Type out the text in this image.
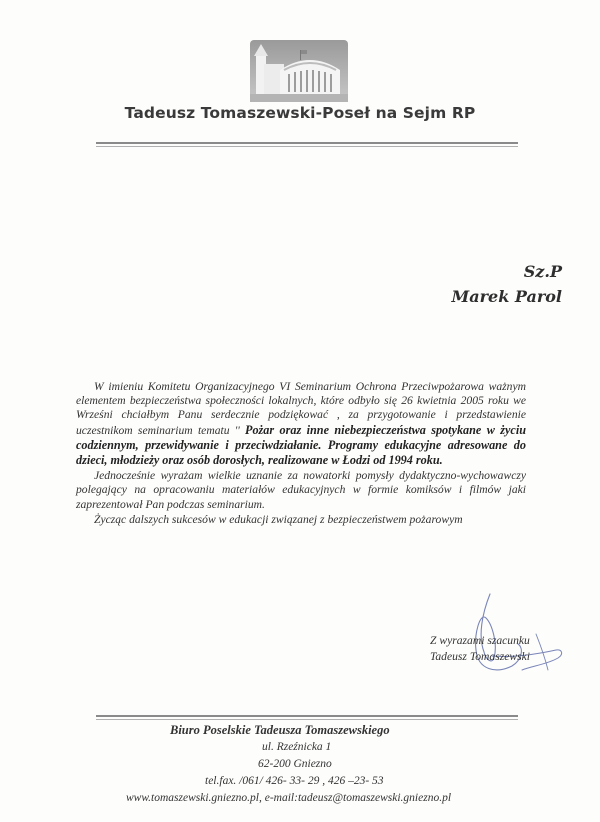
Tadeusz Tomaszewski-Poseł na Sejm RP
Sz.P
Marek Parol

W imieniu Komitetu Organizacyjnego VI Seminarium Ochrona Przeciwpożarowa ważnym elementem bezpieczeństwa społeczności lokalnych, które odbyło się 26 kwietnia 2005 roku we Wrześni chciałbym Panu serdecznie podziękować , za przygotowanie i przedstawienie uczestnikom seminarium tematu '' Pożar oraz inne niebezpieczeństwa spotykane w życiu codziennym, przewidywanie i przeciwdziałanie. Programy edukacyjne adresowane do dzieci, młodzieży oraz osób dorosłych, realizowane w Łodzi od 1994 roku.

Jednocześnie wyrażam wielkie uznanie za nowatorki pomysły dydaktyczno-wychowawczy polegający na opracowaniu materiałów edukacyjnych w formie komiksów i filmów jaki zaprezentował Pan podczas seminarium.

Życząc dalszych sukcesów w edukacji związanej z bezpieczeństwem pożarowym

Z wyrazami szacunku
Tadeusz Tomaszewski
Biuro Poselskie Tadeusza Tomaszewskiego
ul. Rzeźnicka 1
62-200 Gniezno
tel.fax. /061/ 426- 33- 29 , 426 –23- 53
www.tomaszewski.gniezno.pl, e-mail:tadeusz@tomaszewski.gniezno.pl
